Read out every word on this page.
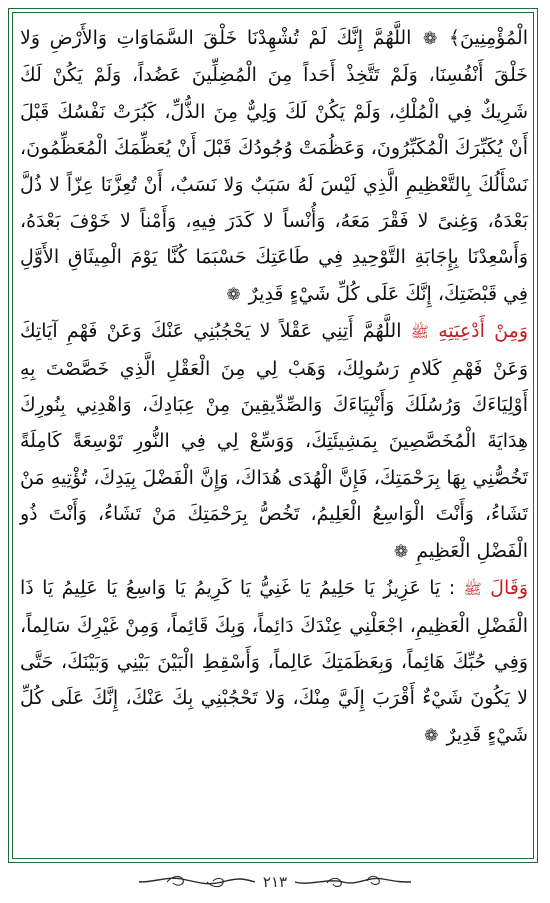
الْمُؤْمِنِينَ﴾ ❁ اللَّهُمَّ إِنَّكَ لَمْ تُشْهِدْنَا خَلْقَ السَّمَاوَاتِ وَالأَرْضِ وَلا خَلْقَ أَنْفُسِنَا، وَلَمْ تَتَّخِذْ أَحَداً مِنَ الْمُضِلِّينَ عَضُداً، وَلَمْ يَكُنْ لَكَ شَرِيكٌ فِي الْمُلْكِ، وَلَمْ يَكُنْ لَكَ وَلِيٌّ مِنَ الذُّلِّ، كَبُرَتْ نَفْسُكَ قَبْلَ أَنْ يُكَبِّرَكَ الْمُكَبِّرُونَ، وَعَظُمَتْ وُجُودُكَ قَبْلَ أَنْ يُعَظِّمَكَ الْمُعَظِّمُونَ، نَسْأَلُكَ بِالتَّعْظِيمِ الَّذِي لَيْسَ لَهُ سَبَبٌ وَلا نَسَبٌ، أَنْ تُعِزَّنَا عِزّاً لا ذُلَّ بَعْدَهُ، وَغِنىً لا فَقْرَ مَعَهُ، وَأُنْساً لا كَدَرَ فِيهِ، وَأَمْناً لا خَوْفَ بَعْدَهُ، وَأَسْعِدْنَا بِإِجَابَةِ التَّوْحِيدِ فِي طَاعَتِكَ حَسْبَمَا كُنَّا يَوْمَ الْمِيثَاقِ الأَوَّلِ فِي قَبْضَتِكَ، إِنَّكَ عَلَى كُلِّ شَيْءٍ قَدِيرٌ ❁

وَمِنْ أَدْعِيَتِهِ ﷺ اللَّهُمَّ أَتِنِي عَقْلاً لا يَحْجُبُنِي عَنْكَ وَعَنْ فَهْمِ آيَاتِكَ وَعَنْ فَهْمِ كَلامِ رَسُولِكَ، وَهَبْ لِي مِنَ الْعَقْلِ الَّذِي خَصَّصْتَ بِهِ أَوْلِيَاءَكَ وَرُسُلَكَ وَأَنْبِيَاءَكَ وَالصِّدِّيقِينَ مِنْ عِبَادِكَ، وَاهْدِنِي بِنُورِكَ هِدَايَةَ الْمُخَصَّصِينَ بِمَشِيئَتِكَ، وَوَسِّعْ لِي فِي النُّورِ تَوْسِعَةً كَامِلَةً تَخُصُّنِي بِهَا بِرَحْمَتِكَ، فَإِنَّ الْهُدَى هُدَاكَ، وَإِنَّ الْفَضْلَ بِيَدِكَ، تُؤْتِيهِ مَنْ تَشَاءُ، وَأَنْتَ الْوَاسِعُ الْعَلِيمُ، تَخُصُّ بِرَحْمَتِكَ مَنْ تَشَاءُ، وَأَنْتَ ذُو الْفَضْلِ الْعَظِيمِ ❁

وَقَالَ ﷺ : يَا عَزِيزُ يَا حَلِيمُ يَا غَنِيُّ يَا كَرِيمُ يَا وَاسِعُ يَا عَلِيمُ يَا ذَا الْفَضْلِ الْعَظِيمِ، اجْعَلْنِي عِنْدَكَ دَائِماً، وَبِكَ قَائِماً، وَمِنْ غَيْرِكَ سَالِماً، وَفِي حُبِّكَ هَائِماً، وَبِعَظَمَتِكَ عَالِماً، وَأَسْقِطِ الْبَيْنَ بَيْنِي وَبَيْنَكَ، حَتَّى لا يَكُونَ شَيْءٌ أَقْرَبَ إِلَيَّ مِنْكَ، وَلا تَحْجُبْنِي بِكَ عَنْكَ، إِنَّكَ عَلَى كُلِّ شَيْءٍ قَدِيرٌ ❁

٢١٣
